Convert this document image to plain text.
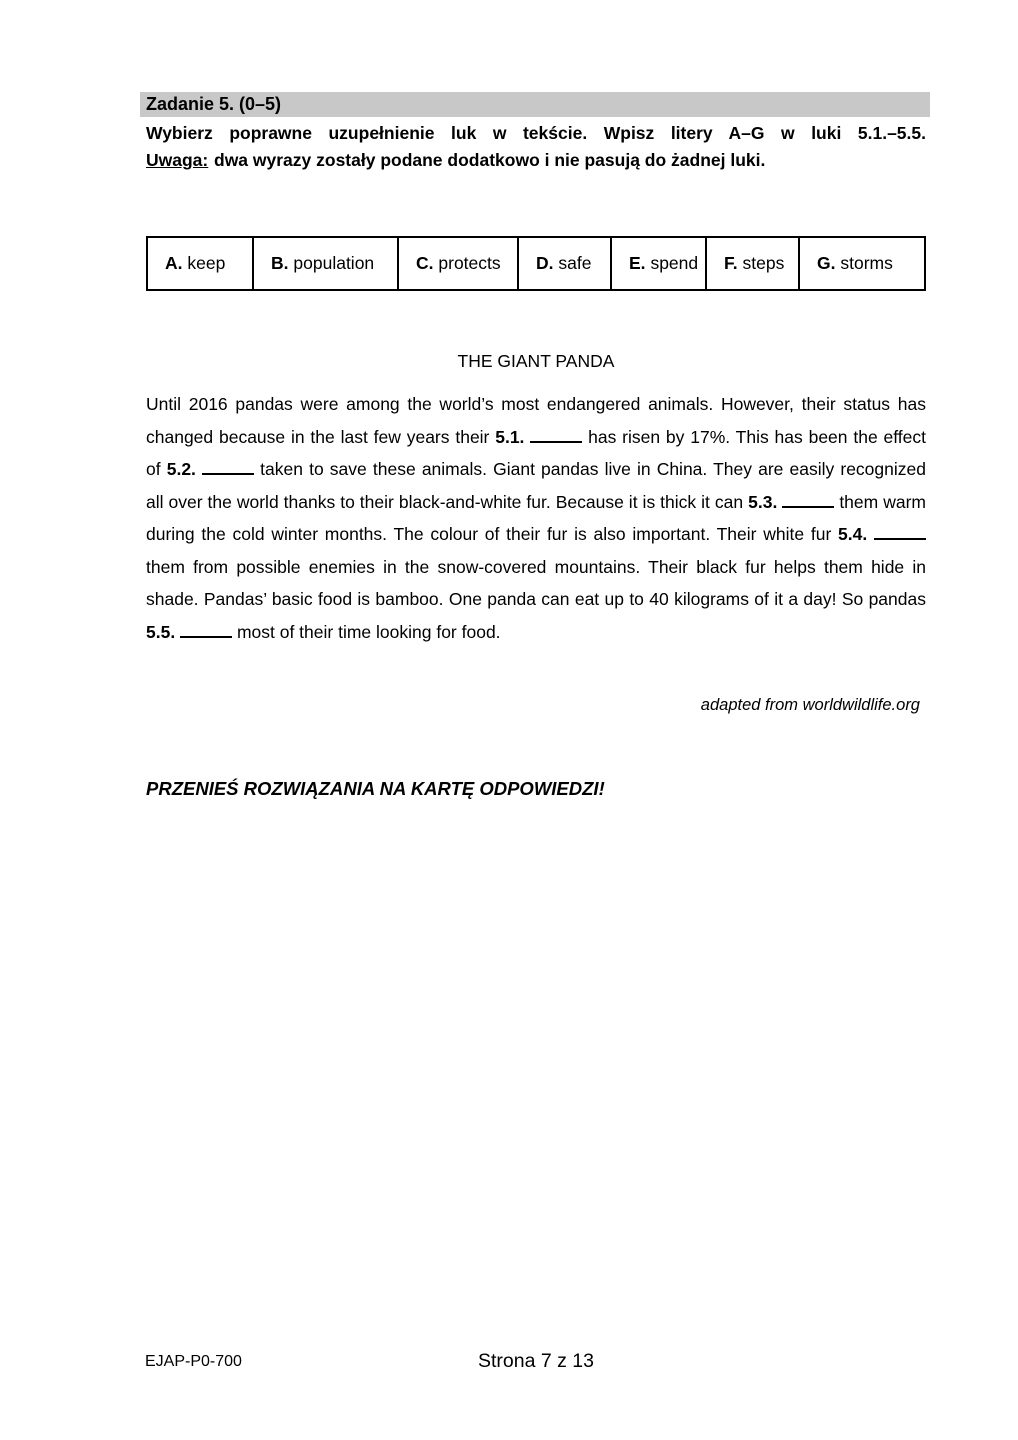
Zadanie 5. (0–5)
Wybierz poprawne uzupełnienie luk w tekście. Wpisz litery A–G w luki 5.1.–5.5.
Uwaga: dwa wyrazy zostały podane dodatkowo i nie pasują do żadnej luki.
A. keep	B. population C. protects D. safe E. spend F. steps G. storms
THE GIANT PANDA
Until 2016 pandas were among the world’s most endangered animals. However, their status has changed because in the last few years their 5.1.	has risen by 17%. This has been the effect of 5.2.	taken to save these animals. Giant pandas live in China. They are easily recognized all over the world thanks to their black-and-white fur. Because it is thick it can 5.3.	them warm during the cold winter months. The colour of their fur is also important. Their white fur 5.4.  them from possible enemies in the snow-covered mountains. Their black fur helps them hide in shade. Pandas’ basic food is bamboo. One panda can eat up to 40 kilograms of it a day! So pandas 5.5.	most of their time looking for food.
adapted from worldwildlife.org
PRZENIEŚ ROZWIĄZANIA NA KARTĘ ODPOWIEDZI!
EJAP-P0-700	Strona 7 z 13
